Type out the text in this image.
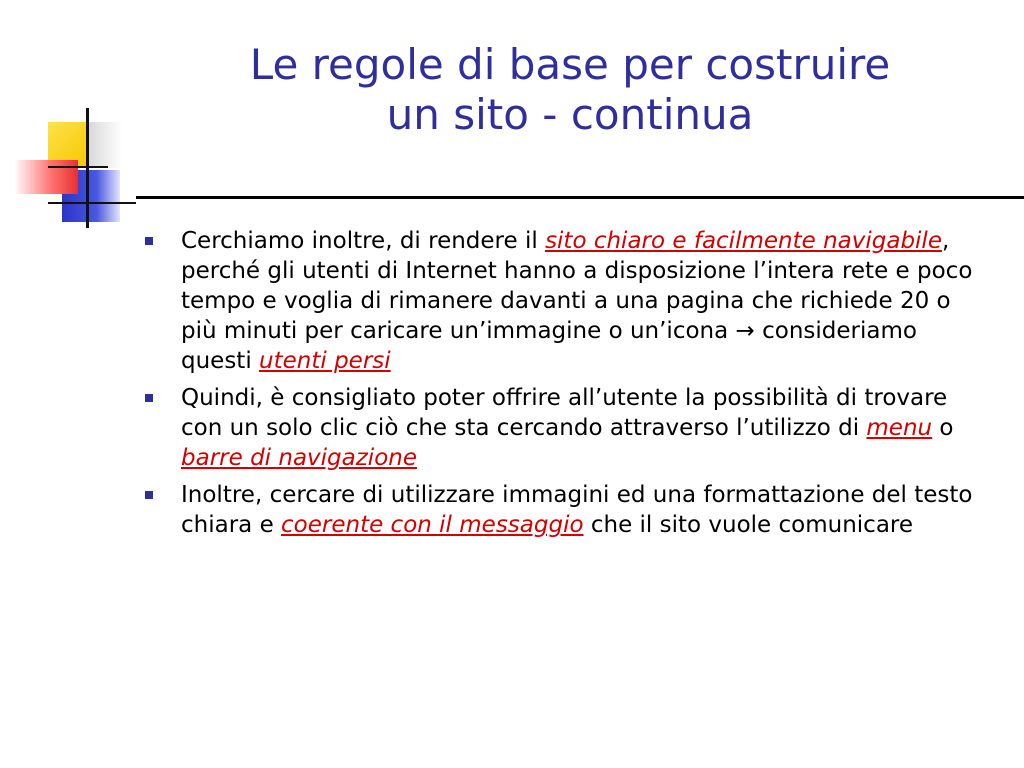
Le regole di base per costruire
un sito - continua
Cerchiamo inoltre, di rendere il sito chiaro e facilmente navigabile, perché gli utenti di Internet hanno a disposizione l’intera rete e poco tempo e voglia di rimanere davanti a una pagina che richiede 20 o più minuti per caricare un’immagine o un’icona → consideriamo questi utenti persi
Quindi, è consigliato poter offrire all’utente la possibilità di trovare con un solo clic ciò che sta cercando attraverso l’utilizzo di menu o barre di navigazione
Inoltre, cercare di utilizzare immagini ed una formattazione del testo chiara e coerente con il messaggio che il sito vuole comunicare
